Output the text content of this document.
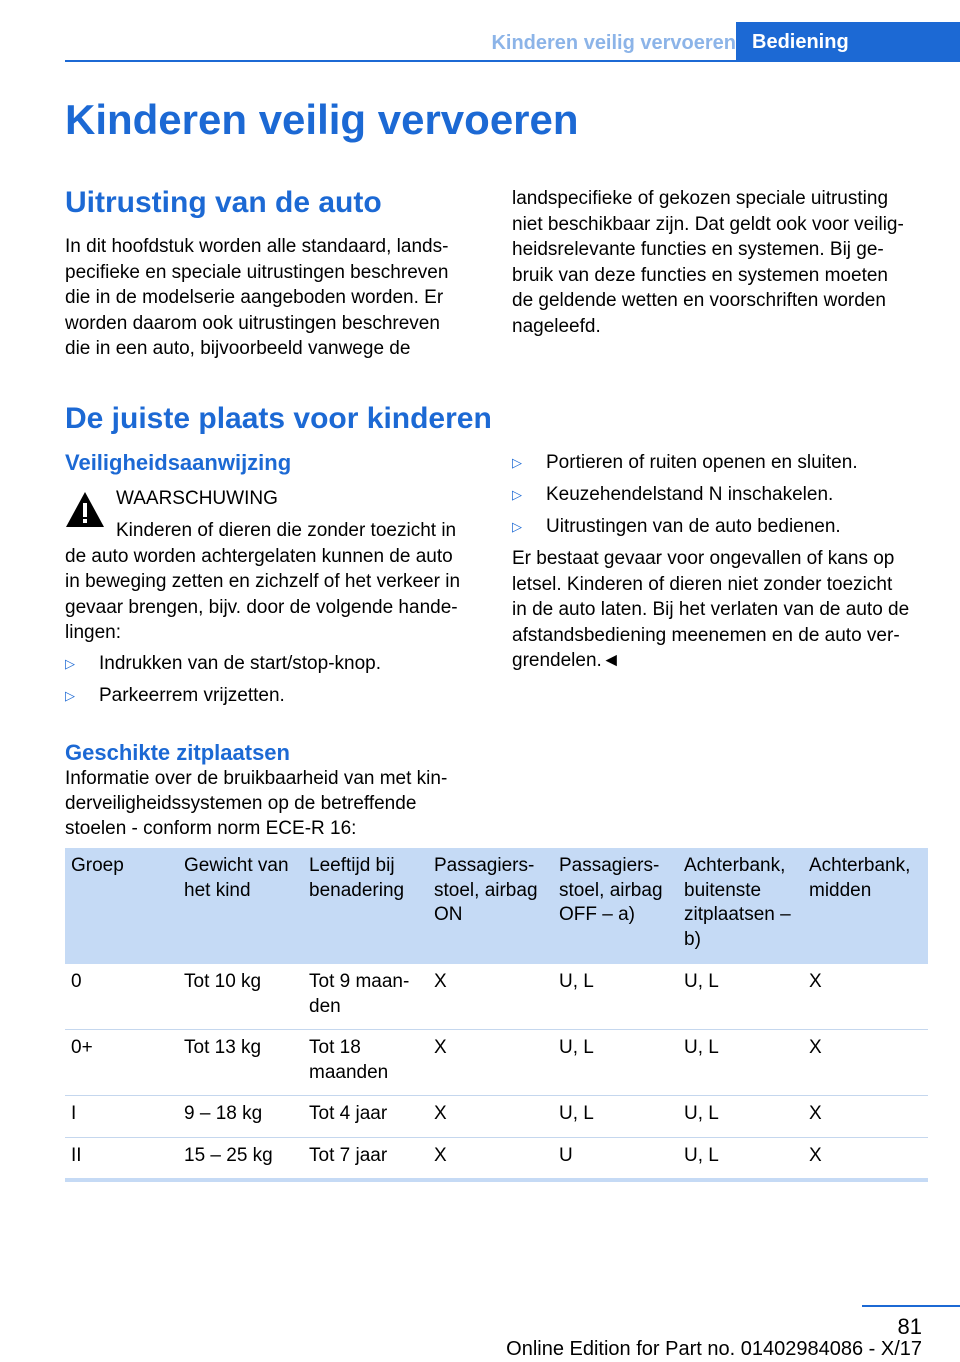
Kinderen veilig vervoeren Bediening
Kinderen veilig vervoeren
Uitrusting van de auto
In dit hoofdstuk worden alle standaard, lands-
pecifieke en speciale uitrustingen beschreven
die in de modelserie aangeboden worden. Er
worden daarom ook uitrustingen beschreven
die in een auto, bijvoorbeeld vanwege de
landspecifieke of gekozen speciale uitrusting
niet beschikbaar zijn. Dat geldt ook voor veilig-
heidsrelevante functies en systemen. Bij ge-
bruik van deze functies en systemen moeten
de geldende wetten en voorschriften worden
nageleefd.
De juiste plaats voor kinderen
Veiligheidsaanwijzing
WAARSCHUWING
Kinderen of dieren die zonder toezicht in
de auto worden achtergelaten kunnen de auto
in beweging zetten en zichzelf of het verkeer in
gevaar brengen, bijv. door de volgende hande-
lingen:
▷ Indrukken van de start/stop-knop.
▷ Parkeerrem vrijzetten.
▷ Portieren of ruiten openen en sluiten.
▷ Keuzehendelstand N inschakelen.
▷ Uitrustingen van de auto bedienen.
Er bestaat gevaar voor ongevallen of kans op
letsel. Kinderen of dieren niet zonder toezicht
in de auto laten. Bij het verlaten van de auto de
afstandsbediening meenemen en de auto ver-
grendelen.◄
Geschikte zitplaatsen
Informatie over de bruikbaarheid van met kin-
derveiligheidssystemen op de betreffende
stoelen - conform norm ECE-R 16:
Groep	Gewicht van het kind	Leeftijd bij benadering	Passagiersstoel, airbag ON	Passagiersstoel, airbag OFF – a)	Achterbank, buitenste zitplaatsen – b)	Achterbank, midden
0	Tot 10 kg	Tot 9 maanden	X	U, L	U, L	X
0+	Tot 13 kg	Tot 18 maanden	X	U, L	U, L	X
I	9 – 18 kg	Tot 4 jaar	X	U, L	U, L	X
II	15 – 25 kg	Tot 7 jaar	X	U	U, L	X
81
Online Edition for Part no. 01402984086 - X/17
